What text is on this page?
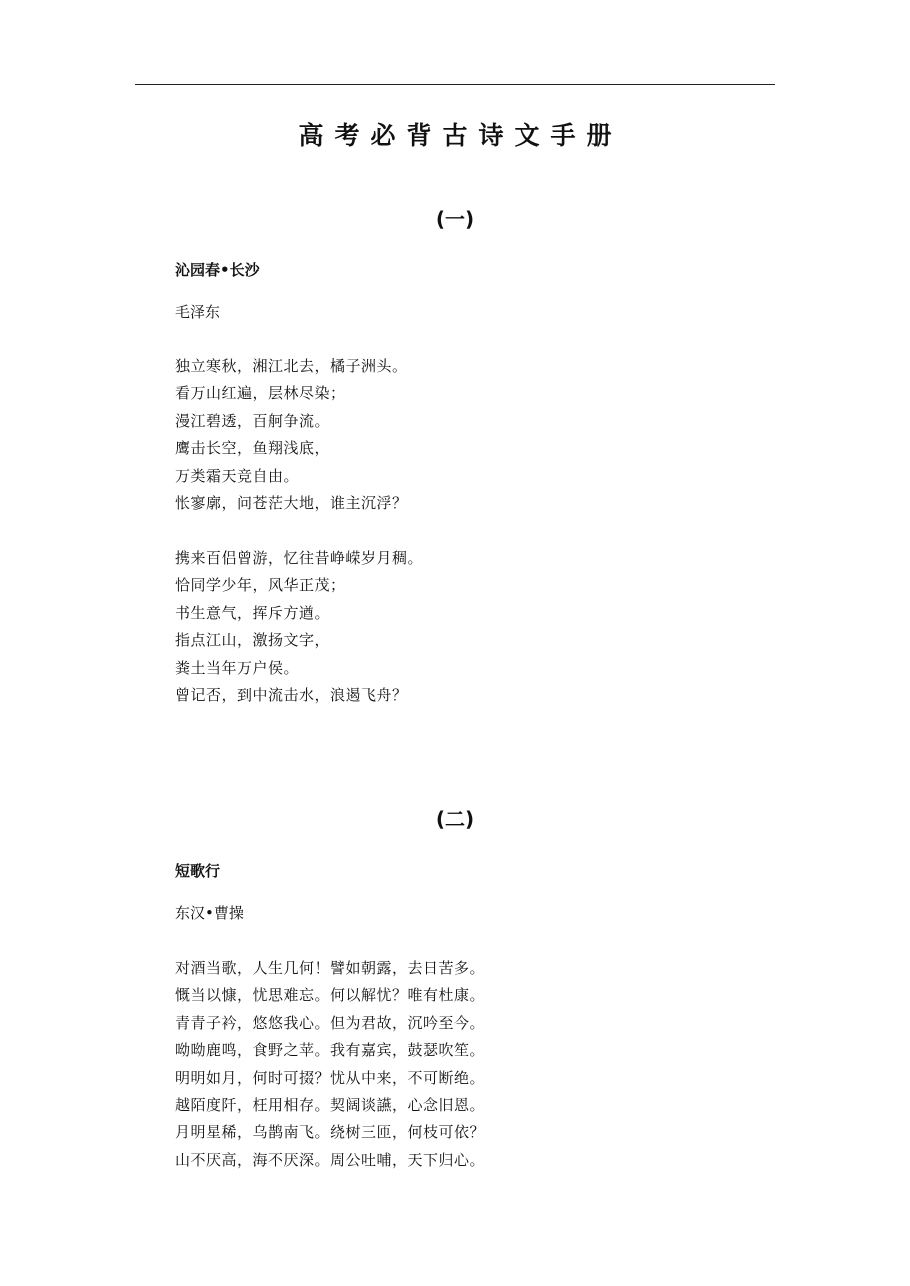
高考必背古诗文手册
(一)
沁园春•长沙
毛泽东
独立寒秋，湘江北去，橘子洲头。
看万山红遍，层林尽染；
漫江碧透，百舸争流。
鹰击长空，鱼翔浅底，
万类霜天竞自由。
怅寥廓，问苍茫大地，谁主沉浮？
携来百侣曾游，忆往昔峥嵘岁月稠。
恰同学少年，风华正茂；
书生意气，挥斥方遒。
指点江山，激扬文字，
粪土当年万户侯。
曾记否，到中流击水，浪遏飞舟？
(二)
短歌行
东汉•曹操
对酒当歌，人生几何！譬如朝露，去日苦多。
慨当以慷，忧思难忘。何以解忧？唯有杜康。
青青子衿，悠悠我心。但为君故，沉吟至今。
呦呦鹿鸣，食野之苹。我有嘉宾，鼓瑟吹笙。
明明如月，何时可掇？忧从中来，不可断绝。
越陌度阡，枉用相存。契阔谈讌，心念旧恩。
月明星稀，乌鹊南飞。绕树三匝，何枝可依？
山不厌高，海不厌深。周公吐哺，天下归心。
